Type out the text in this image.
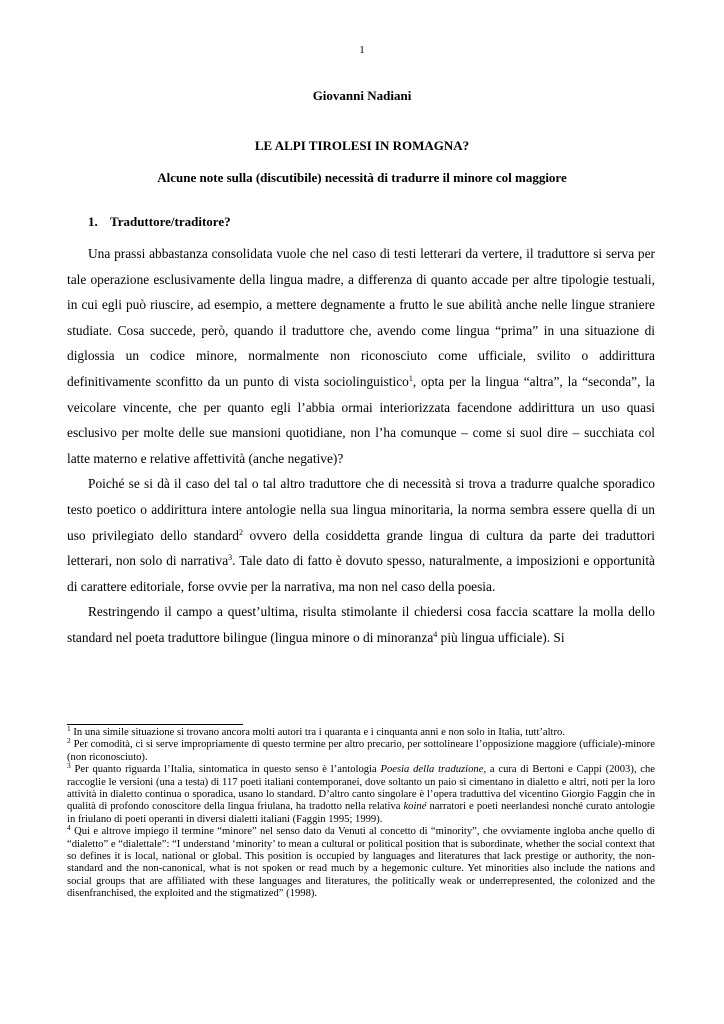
1
Giovanni Nadiani
LE ALPI TIROLESI IN ROMAGNA?
Alcune note sulla (discutibile) necessità di tradurre il minore col maggiore
1. Traduttore/traditore?

Una prassi abbastanza consolidata vuole che nel caso di testi letterari da vertere, il traduttore si serva per tale operazione esclusivamente della lingua madre, a differenza di quanto accade per altre tipologie testuali, in cui egli può riuscire, ad esempio, a mettere degnamente a frutto le sue abilità anche nelle lingue straniere studiate. Cosa succede, però, quando il traduttore che, avendo come lingua “prima” in una situazione di diglossia un codice minore, normalmente non riconosciuto come ufficiale, svilito o addirittura definitivamente sconfitto da un punto di vista sociolinguistico$^1$, opta per la lingua “altra”, la “seconda”, la veicolare vincente, che per quanto egli l’abbia ormai interiorizzata facendone addirittura un uso quasi esclusivo per molte delle sue mansioni quotidiane, non l’ha comunque – come si suol dire – succhiata col latte materno e relative affettività (anche negative)?

Poiché se si dà il caso del tal o tal altro traduttore che di necessità si trova a tradurre qualche sporadico testo poetico o addirittura intere antologie nella sua lingua minoritaria, la norma sembra essere quella di un uso privilegiato dello standard$^2$ ovvero della cosiddetta grande lingua di cultura da parte dei traduttori letterari, non solo di narrativa$^3$. Tale dato di fatto è dovuto spesso, naturalmente, a imposizioni e opportunità di carattere editoriale, forse ovvie per la narrativa, ma non nel caso della poesia.

Restringendo il campo a quest’ultima, risulta stimolante il chiedersi cosa faccia scattare la molla dello standard nel poeta traduttore bilingue (lingua minore o di minoranza$^4$ più lingua ufficiale). Si

$^1$ In una simile situazione si trovano ancora molti autori tra i quaranta e i cinquanta anni e non solo in Italia, tutt’altro.

$^2$ Per comodità, ci si serve impropriamente di questo termine per altro precario, per sottolineare l’opposizione maggiore (ufficiale)-minore (non riconosciuto).

$^3$ Per quanto riguarda l’Italia, sintomatica in questo senso è l’antologia Poesia della traduzione, a cura di Bertoni e Cappi (2003), che raccoglie le versioni (una a testa) di 117 poeti italiani contemporanei, dove soltanto un paio si cimentano in dialetto e altri, noti per la loro attività in dialetto continua o sporadica, usano lo standard. D’altro canto singolare è l’opera traduttiva del vicentino Giorgio Faggin che in qualità di profondo conoscitore della lingua friulana, ha tradotto nella relativa koiné narratori e poeti neerlandesi nonché curato antologie in friulano di poeti operanti in diversi dialetti italiani (Faggin 1995; 1999).

$^4$ Qui e altrove impiego il termine “minore” nel senso dato da Venuti al concetto di “minority”, che ovviamente ingloba anche quello di “dialetto” e “dialettale”: “I understand ‘minority’ to mean a cultural or political position that is subordinate, whether the social context that so defines it is local, national or global. This position is occupied by languages and literatures that lack prestige or authority, the non-standard and the non-canonical, what is not spoken or read much by a hegemonic culture. Yet minorities also include the nations and social groups that are affiliated with these languages and literatures, the politically weak or underrepresented, the colonized and the disenfranchised, the exploited and the stigmatized” (1998).
